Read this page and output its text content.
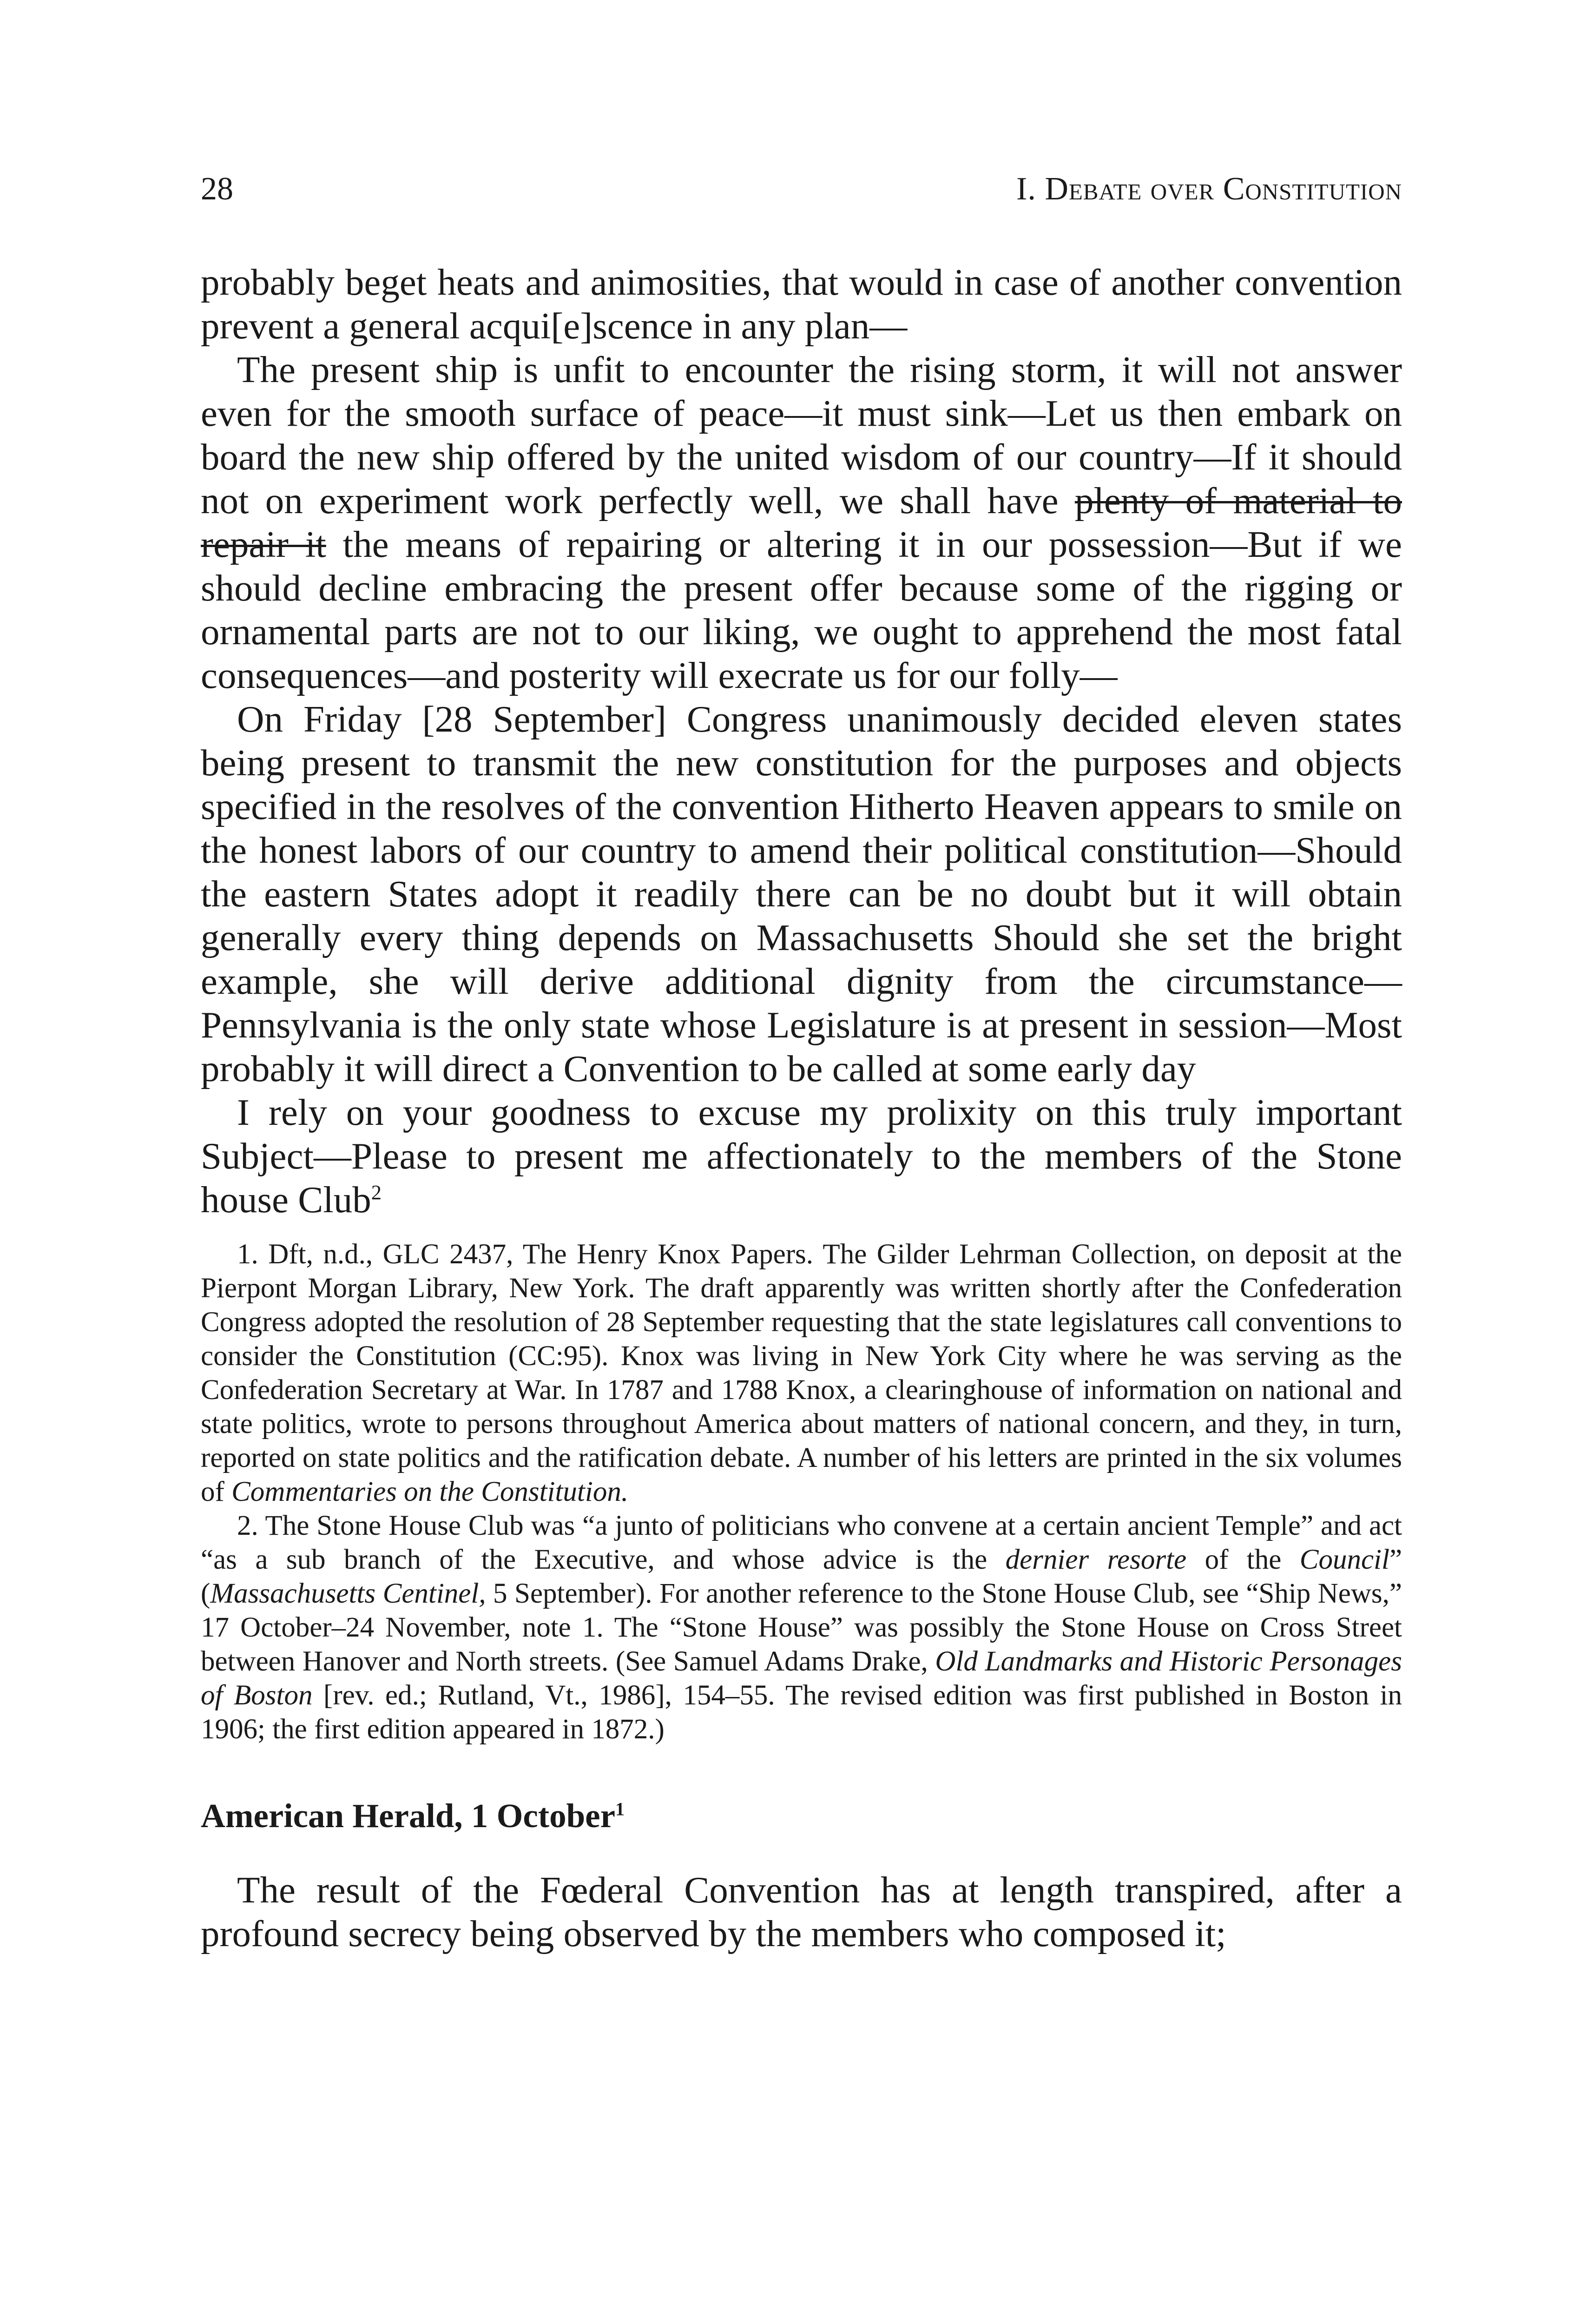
28	I. Debate over Constitution

probably beget heats and animosities, that would in case of another convention prevent a general acqui[e]scence in any plan—

The present ship is unfit to encounter the rising storm, it will not answer even for the smooth surface of peace—it must sink—Let us then embark on board the new ship offered by the united wisdom of our country—If it should not on experiment work perfectly well, we shall have plenty of material to repair it the means of repairing or altering it in our possession—But if we should decline embracing the present offer because some of the rigging or ornamental parts are not to our liking, we ought to apprehend the most fatal consequences—and posterity will execrate us for our folly—

On Friday [28 September] Congress unanimously decided eleven states being present to transmit the new constitution for the purposes and objects specified in the resolves of the convention Hitherto Heaven appears to smile on the honest labors of our country to amend their political constitution—Should the eastern States adopt it readily there can be no doubt but it will obtain generally every thing depends on Massachusetts Should she set the bright example, she will derive additional dignity from the circumstance—Pennsylvania is the only state whose Legislature is at present in session—Most probably it will direct a Convention to be called at some early day

I rely on your goodness to excuse my prolixity on this truly important Subject—Please to present me affectionately to the members of the Stone house Club$^2$

1. Dft, n.d., GLC 2437, The Henry Knox Papers. The Gilder Lehrman Collection, on deposit at the Pierpont Morgan Library, New York. The draft apparently was written shortly after the Confederation Congress adopted the resolution of 28 September requesting that the state legislatures call conventions to consider the Constitution (CC:95). Knox was living in New York City where he was serving as the Confederation Secretary at War. In 1787 and 1788 Knox, a clearinghouse of information on national and state politics, wrote to persons throughout America about matters of national concern, and they, in turn, reported on state politics and the ratification debate. A number of his letters are printed in the six volumes of Commentaries on the Constitution.

2. The Stone House Club was “a junto of politicians who convene at a certain ancient Temple” and act “as a sub branch of the Executive, and whose advice is the dernier resorte of the Council” (Massachusetts Centinel, 5 September). For another reference to the Stone House Club, see “Ship News,” 17 October–24 November, note 1. The “Stone House” was possibly the Stone House on Cross Street between Hanover and North streets. (See Samuel Adams Drake, Old Landmarks and Historic Personages of Boston [rev. ed.; Rutland, Vt., 1986], 154–55. The revised edition was first published in Boston in 1906; the first edition appeared in 1872.)

American Herald, 1 October$^1$

The result of the Fœderal Convention has at length transpired, after a profound secrecy being observed by the members who composed it;
